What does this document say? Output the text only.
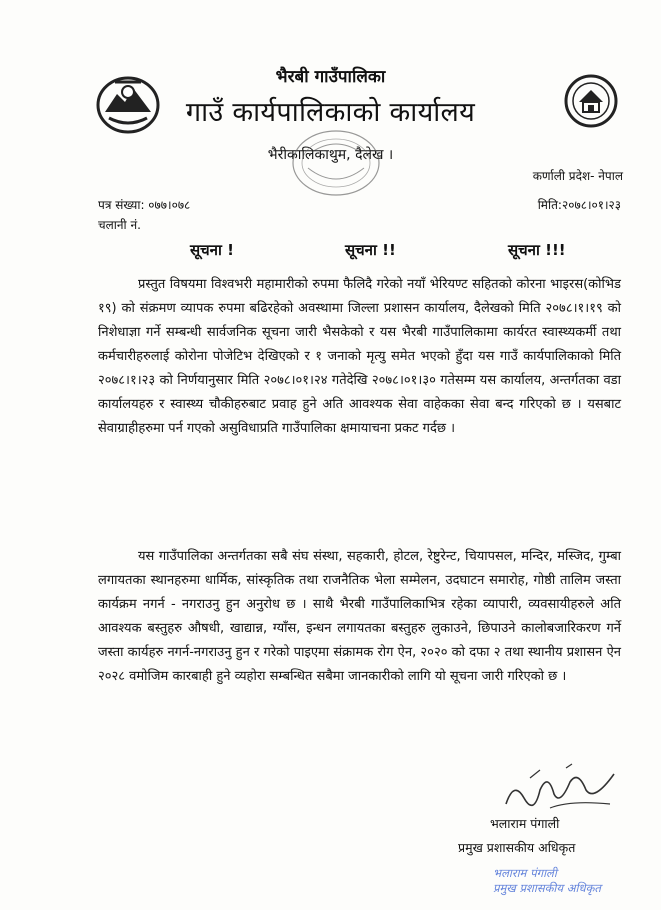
भैरबी गाउँपालिका
गाउँ कार्यपालिकाको कार्यालय
भैरीकालिकाथुम, दैलेख ।
कर्णाली प्रदेश- नेपाल
पत्र संख्या: ०७७।०७८	मिति:२०७८।०१।२३
चलानी नं.
सूचना !	सूचना !!	सूचना !!!
प्रस्तुत विषयमा विश्वभरी महामारीको रुपमा फैलिदै गरेको नयाँ भेरियण्ट सहितको कोरना भाइरस(कोभिड १९) को संक्रमण व्यापक रुपमा बढिरहेको अवस्थामा जिल्ला प्रशासन कार्यालय, दैलेखको मिति २०७८।१।१९ को निशेधाज्ञा गर्ने सम्बन्धी सार्वजनिक सूचना जारी भैसकेको र यस भैरबी गाउँपालिकामा कार्यरत स्वास्थ्यकर्मी तथा कर्मचारीहरुलाई कोरोना पोजेटिभ देखिएको र १ जनाको मृत्यु समेत भएको हुँदा यस गाउँ कार्यपालिकाको मिति २०७८।१।२३ को निर्णयानुसार मिति २०७८।०१।२४ गतेदेखि २०७८।०१।३० गतेसम्म यस कार्यालय, अन्तर्गतका वडा कार्यालयहरु र स्वास्थ्य चौकीहरुबाट प्रवाह हुने अति आवश्यक सेवा वाहेकका सेवा बन्द गरिएको छ । यसबाट सेवाग्राहीहरुमा पर्न गएको असुविधाप्रति गाउँपालिका क्षमायाचना प्रकट गर्दछ ।
यस गाउँपालिका अन्तर्गतका सबै संघ संस्था, सहकारी, होटल, रेष्टुरेन्ट, चियापसल, मन्दिर, मस्जिद, गुम्बा लगायतका स्थानहरुमा धार्मिक, सांस्कृतिक तथा राजनैतिक भेला सम्मेलन, उदघाटन समारोह, गोष्ठी तालिम जस्ता कार्यक्रम नगर्न - नगराउनु हुन अनुरोध छ । साथै भैरबी गाउँपालिकाभित्र रहेका व्यापारी, व्यवसायीहरुले अति आवश्यक बस्तुहरु औषधी, खाद्यान्न, ग्याँस, इन्धन लगायतका बस्तुहरु लुकाउने, छिपाउने कालोबजारिकरण गर्ने जस्ता कार्यहरु नगर्न-नगराउनु हुन र गरेको पाइएमा संक्रामक रोग ऐन, २०२० को दफा २ तथा स्थानीय प्रशासन ऐन २०२८ वमोजिम कारबाही हुने व्यहोरा सम्बन्धित सबैमा जानकारीको लागि यो सूचना जारी गरिएको छ ।
भलाराम पंगाली
प्रमुख प्रशासकीय अधिकृत
भलाराम पंगाली
प्रमुख प्रशासकीय अधिकृत
